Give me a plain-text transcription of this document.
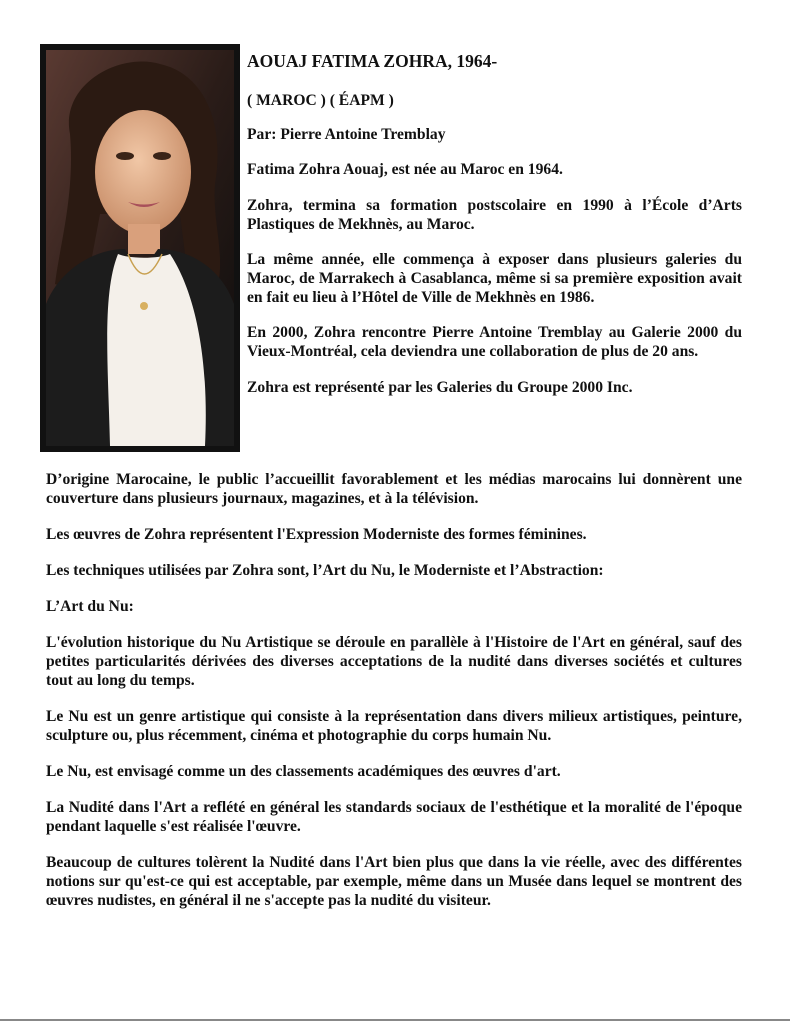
AOUAJ FATIMA ZOHRA, 1964-

( MAROC ) ( ÉAPM )

Par: Pierre Antoine Tremblay

Fatima Zohra Aouaj, est née au Maroc en 1964.

Zohra, termina sa formation postscolaire en 1990 à l’École d’Arts Plastiques de Mekhnès, au Maroc.

La même année, elle commença à exposer dans plusieurs galeries du Maroc, de Marrakech à Casablanca, même si sa première exposition avait en fait eu lieu à l’Hôtel de Ville de Mekhnès en 1986.

En 2000, Zohra rencontre Pierre Antoine Tremblay au Galerie 2000 du Vieux-Montréal, cela deviendra une collaboration de plus de 20 ans.

Zohra est représenté par les Galeries du Groupe 2000 Inc.

D’origine Marocaine, le public l’accueillit favorablement et les médias marocains lui donnèrent une couverture dans plusieurs journaux, magazines, et à la télévision.

Les œuvres de Zohra représentent l'Expression Moderniste des formes féminines.

Les techniques utilisées par Zohra sont, l’Art du Nu, le Moderniste et l’Abstraction:

L’Art du Nu:

L'évolution historique du Nu Artistique se déroule en parallèle à l'Histoire de l'Art en général, sauf des petites particularités dérivées des diverses acceptations de la nudité dans diverses sociétés et cultures tout au long du temps.

Le Nu est un genre artistique qui consiste à la représentation dans divers milieux artistiques, peinture, sculpture ou, plus récemment, cinéma et photographie du corps humain Nu.

Le Nu, est envisagé comme un des classements académiques des œuvres d'art.

La Nudité dans l'Art a reflété en général les standards sociaux de l'esthétique et la moralité de l'époque pendant laquelle s'est réalisée l'œuvre.

Beaucoup de cultures tolèrent la Nudité dans l'Art bien plus que dans la vie réelle, avec des différentes notions sur qu'est-ce qui est acceptable, par exemple, même dans un Musée dans lequel se montrent des œuvres nudistes, en général il ne s'accepte pas la nudité du visiteur.
